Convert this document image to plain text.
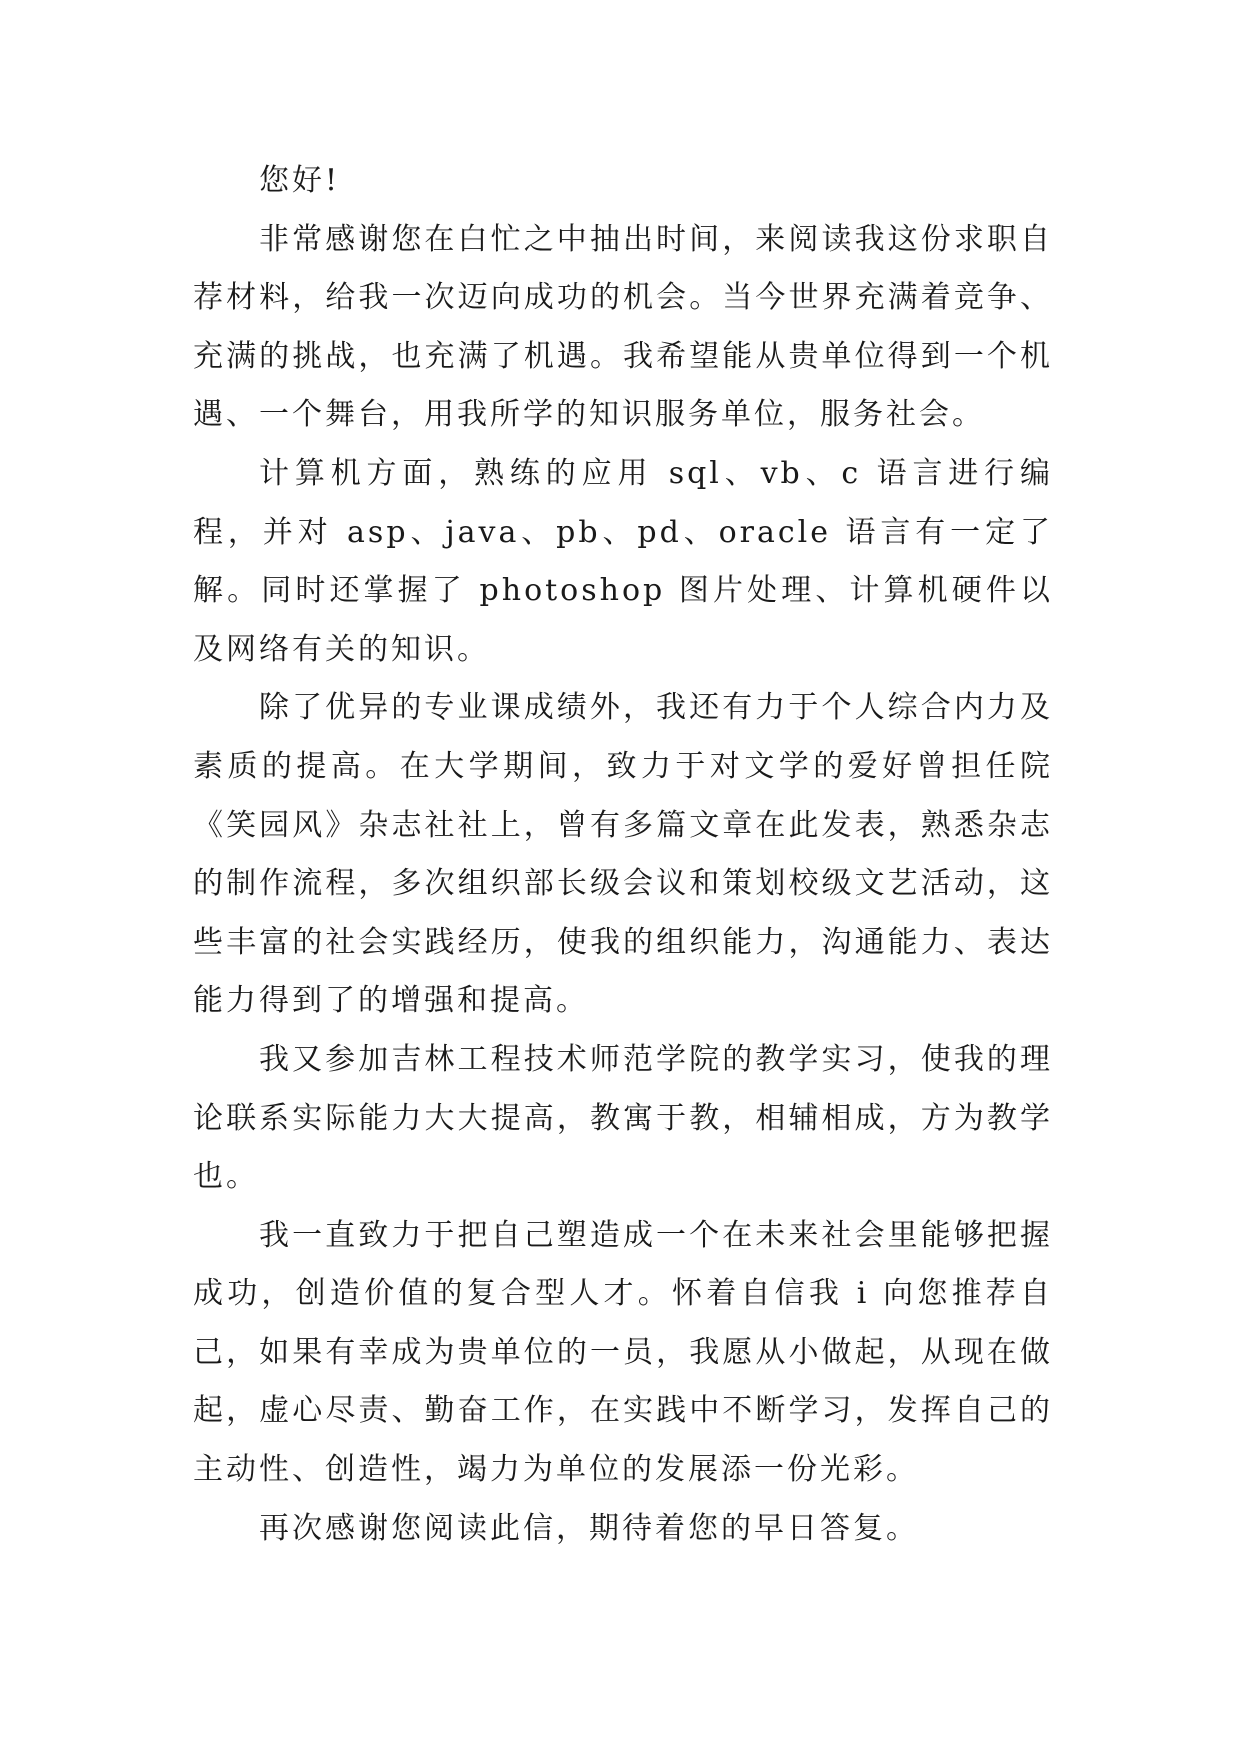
您好!

非常感谢您在白忙之中抽出时间，来阅读我这份求职自荐材料，给我一次迈向成功的机会。当今世界充满着竞争、充满的挑战，也充满了机遇。我希望能从贵单位得到一个机遇、一个舞台，用我所学的知识服务单位，服务社会。

计算机方面，熟练的应用 sql、vb、c 语言进行编程，并对 asp、java、pb、pd、oracle 语言有一定了解。同时还掌握了 photoshop 图片处理、计算机硬件以及网络有关的知识。

除了优异的专业课成绩外，我还有力于个人综合内力及素质的提高。在大学期间，致力于对文学的爱好曾担任院《笑园风》杂志社社上，曾有多篇文章在此发表，熟悉杂志的制作流程，多次组织部长级会议和策划校级文艺活动，这些丰富的社会实践经历，使我的组织能力，沟通能力、表达能力得到了的增强和提高。

我又参加吉林工程技术师范学院的教学实习，使我的理论联系实际能力大大提高，教寓于教，相辅相成，方为教学也。

我一直致力于把自己塑造成一个在未来社会里能够把握成功，创造价值的复合型人才。怀着自信我 i 向您推荐自己，如果有幸成为贵单位的一员，我愿从小做起，从现在做起，虚心尽责、勤奋工作，在实践中不断学习，发挥自己的主动性、创造性，竭力为单位的发展添一份光彩。

再次感谢您阅读此信，期待着您的早日答复。
